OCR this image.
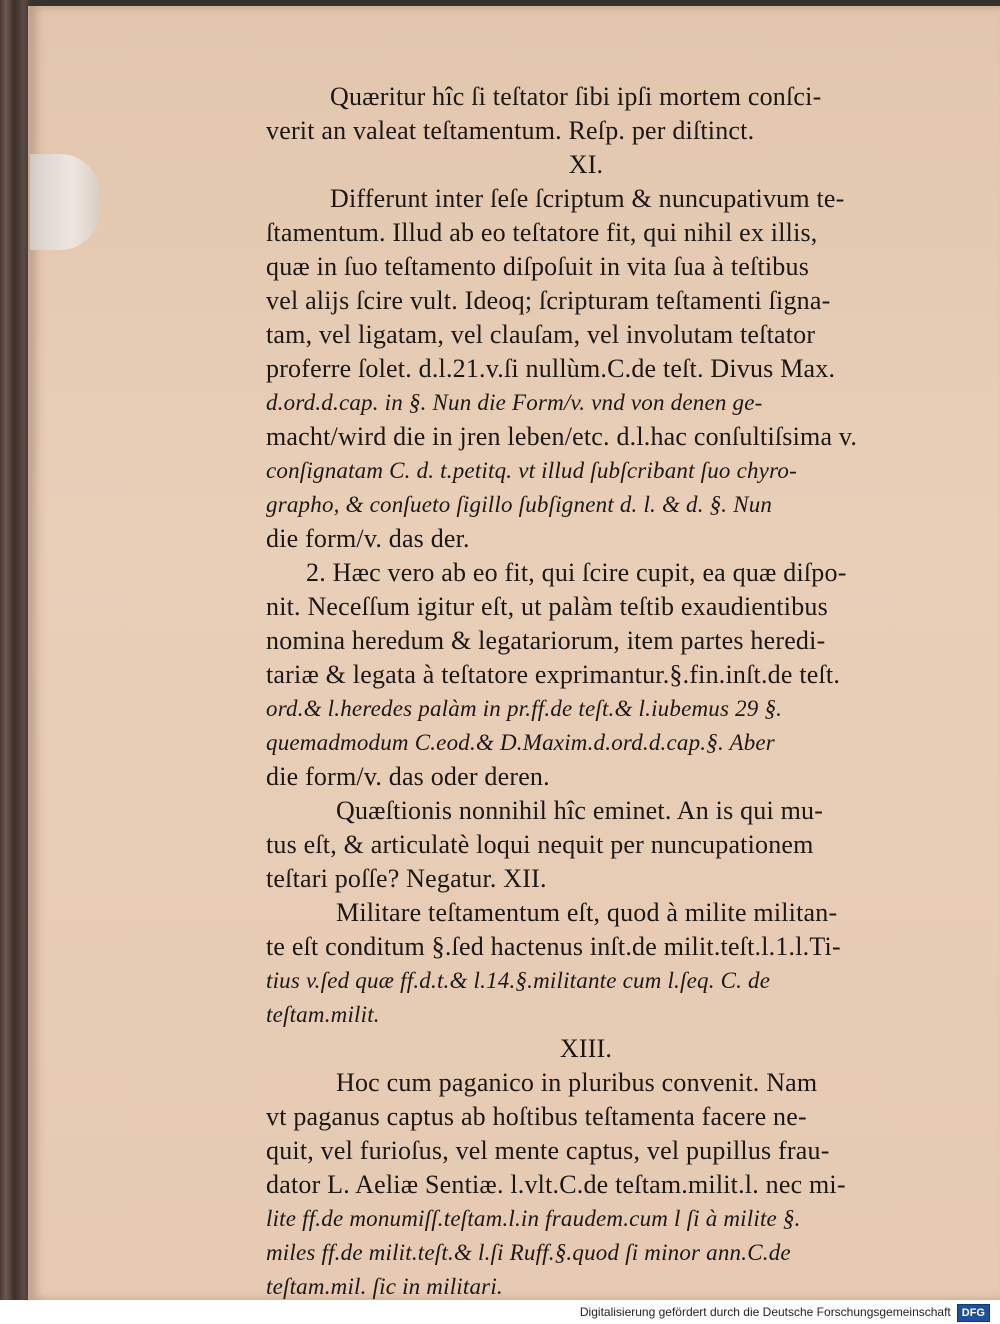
Quæritur hîc ſi teſtator ſibi ipſi mortem conſci-
verit an valeat teſtamentum. Reſp. per diſtinct.
XI.
Differunt inter ſeſe ſcriptum & nuncupativum te-
ſtamentum. Illud ab eo teſtatore fit, qui nihil ex illis,
quæ in ſuo teſtamento diſpoſuit in vita ſua à teſtibus
vel alijs ſcire vult. Ideoq; ſcripturam teſtamenti ſigna-
tam, vel ligatam, vel clauſam, vel involutam teſtator
proferre ſolet. d.l.21.v.ſi nullùm.C.de teſt. Divus Max.
d.ord.d.cap. in §. Nun die Form/v. vnd von denen ge-
macht/wird die in jren leben/etc. d.l.hac conſultiſsima v.
conſignatam C. d. t.petitq. vt illud ſubſcribant ſuo chyro-
grapho, & conſueto ſigillo ſubſignent d. l. & d. §. Nun
die form/v. das der.
2. Hæc vero ab eo fit, qui ſcire cupit, ea quæ diſpo-
nit. Neceſſum igitur eſt, ut palàm teſtib exaudientibus
nomina heredum & legatariorum, item partes heredi-
tariæ & legata à teſtatore exprimantur.§.fin.inſt.de teſt.
ord.& l.heredes palàm in pr.ff.de teſt.& l.iubemus 29 §.
quemadmodum C.eod.& D.Maxim.d.ord.d.cap.§. Aber
die form/v. das oder deren.
Quæſtionis nonnihil hîc eminet. An is qui mu-
tus eſt, & articulatè loqui nequit per nuncupationem
teſtari poſſe? Negatur. XII.
Militare teſtamentum eſt, quod à milite militan-
te eſt conditum §.ſed hactenus inſt.de milit.teſt.l.1.l.Ti-
tius v.ſed quæ ff.d.t.& l.14.§.militante cum l.ſeq. C. de
teſtam.milit.
XIII.
Hoc cum paganico in pluribus convenit. Nam
vt paganus captus ab hoſtibus teſtamenta facere ne-
quit, vel furioſus, vel mente captus, vel pupillus frau-
dator L. Aeliæ Sentiæ. l.vlt.C.de teſtam.milit.l. nec mi-
lite ff.de monumiſſ.teſtam.l.in fraudem.cum l ſi à milite §.
miles ff.de milit.teſt.& l.ſi Ruff.§.quod ſi minor ann.C.de
teſtam.mil. ſic in militari.
Digitalisierung gefördert durch die Deutsche Forschungsgemeinschaft DFG
